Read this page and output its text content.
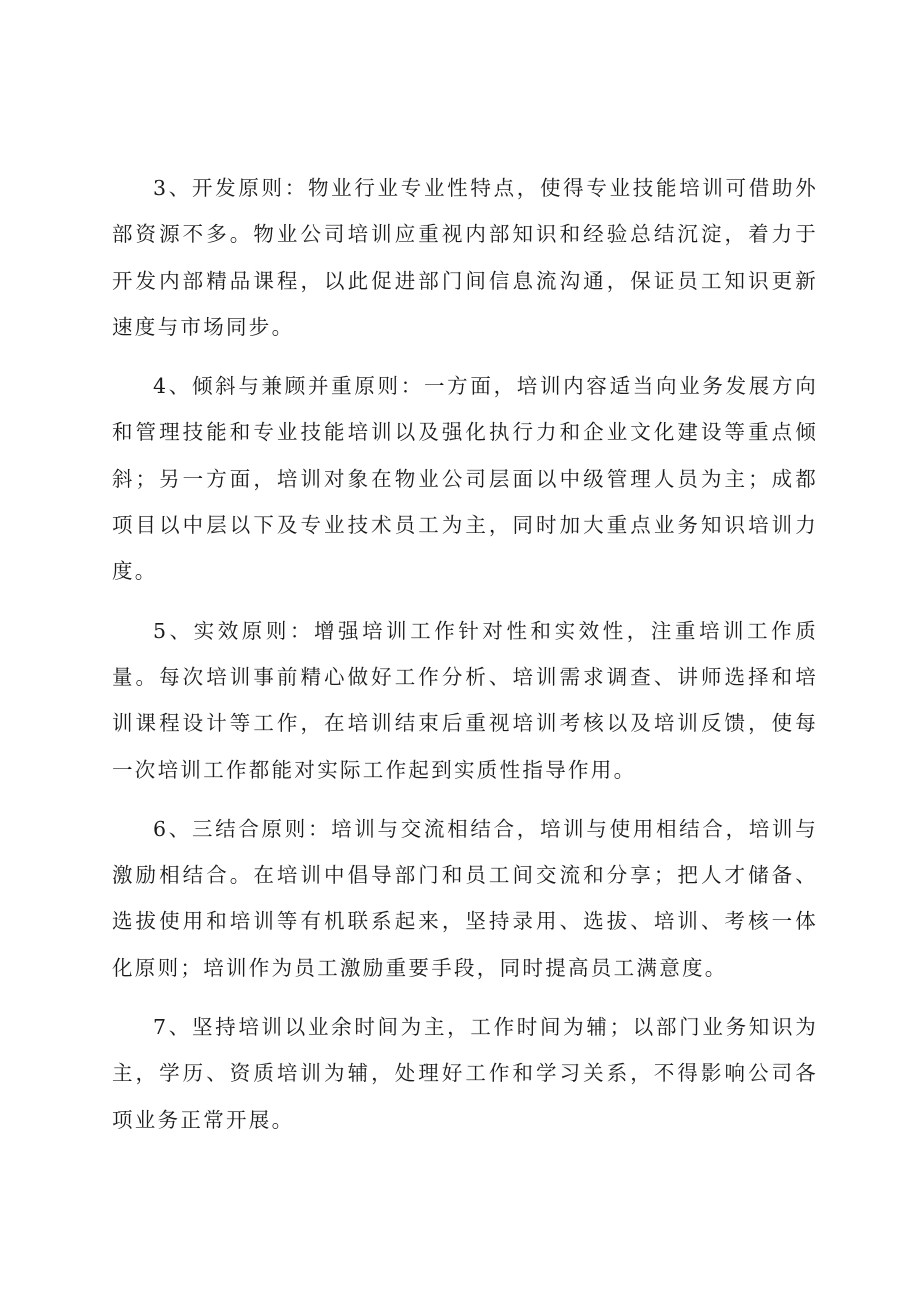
3、开发原则：物业行业专业性特点，使得专业技能培训可借助外部资源不多。物业公司培训应重视内部知识和经验总结沉淀，着力于开发内部精品课程，以此促进部门间信息流沟通，保证员工知识更新速度与市场同步。

4、倾斜与兼顾并重原则：一方面，培训内容适当向业务发展方向和管理技能和专业技能培训以及强化执行力和企业文化建设等重点倾斜；另一方面，培训对象在物业公司层面以中级管理人员为主；成都项目以中层以下及专业技术员工为主，同时加大重点业务知识培训力度。

5、实效原则：增强培训工作针对性和实效性，注重培训工作质量。每次培训事前精心做好工作分析、培训需求调查、讲师选择和培训课程设计等工作，在培训结束后重视培训考核以及培训反馈，使每一次培训工作都能对实际工作起到实质性指导作用。

6、三结合原则：培训与交流相结合，培训与使用相结合，培训与激励相结合。在培训中倡导部门和员工间交流和分享；把人才储备、选拔使用和培训等有机联系起来，坚持录用、选拔、培训、考核一体化原则；培训作为员工激励重要手段，同时提高员工满意度。

7、坚持培训以业余时间为主，工作时间为辅；以部门业务知识为主，学历、资质培训为辅，处理好工作和学习关系，不得影响公司各项业务正常开展。
